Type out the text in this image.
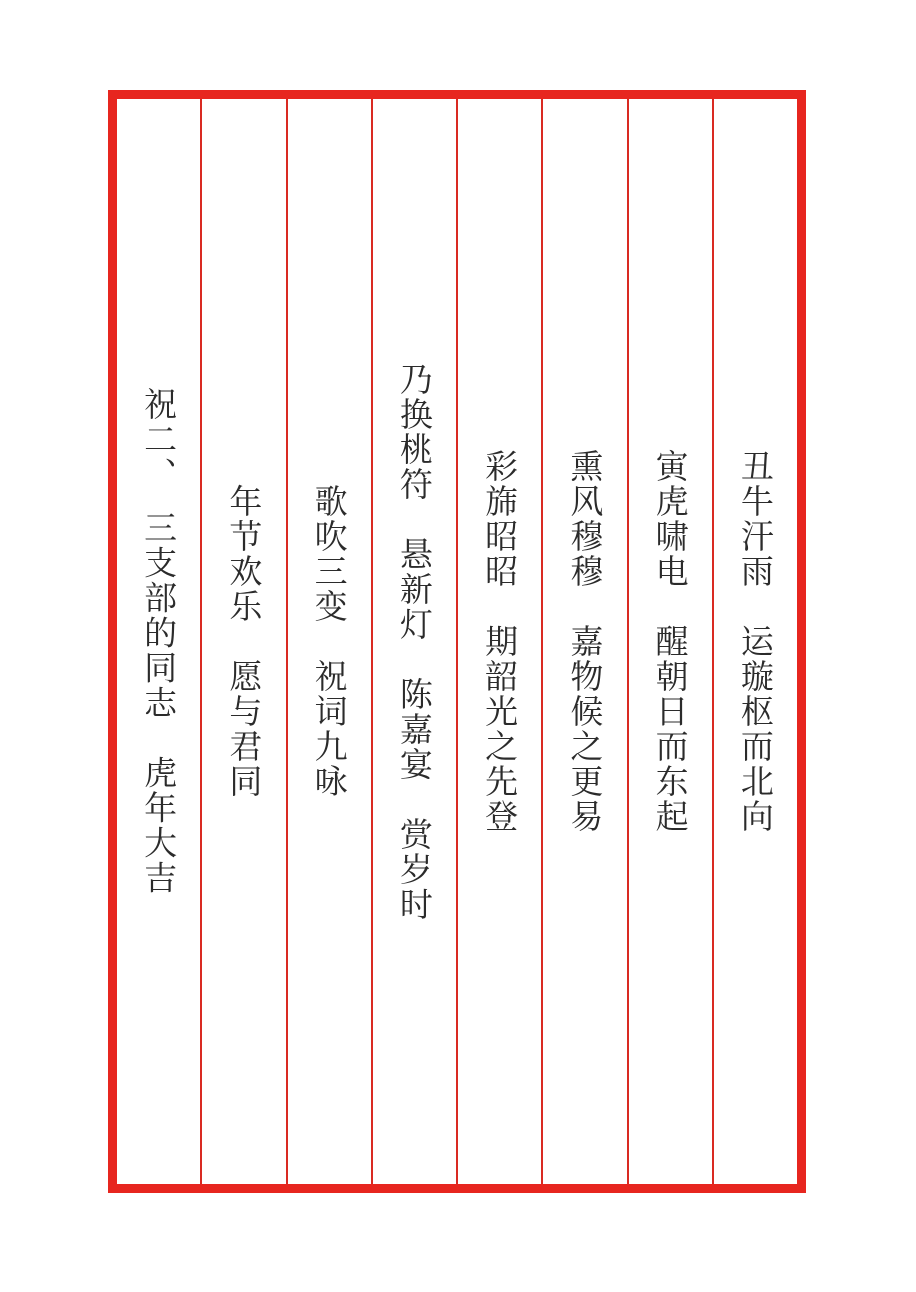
丑牛汗雨　运璇枢而北向
寅虎啸电　醒朝日而东起
熏风穆穆　嘉物候之更易
彩旆昭昭　期韶光之先登
乃换桃符　悬新灯　陈嘉宴　赏岁时
歌吹三变　祝词九咏
年节欢乐　愿与君同
祝二、　三支部的同志　虎年大吉
